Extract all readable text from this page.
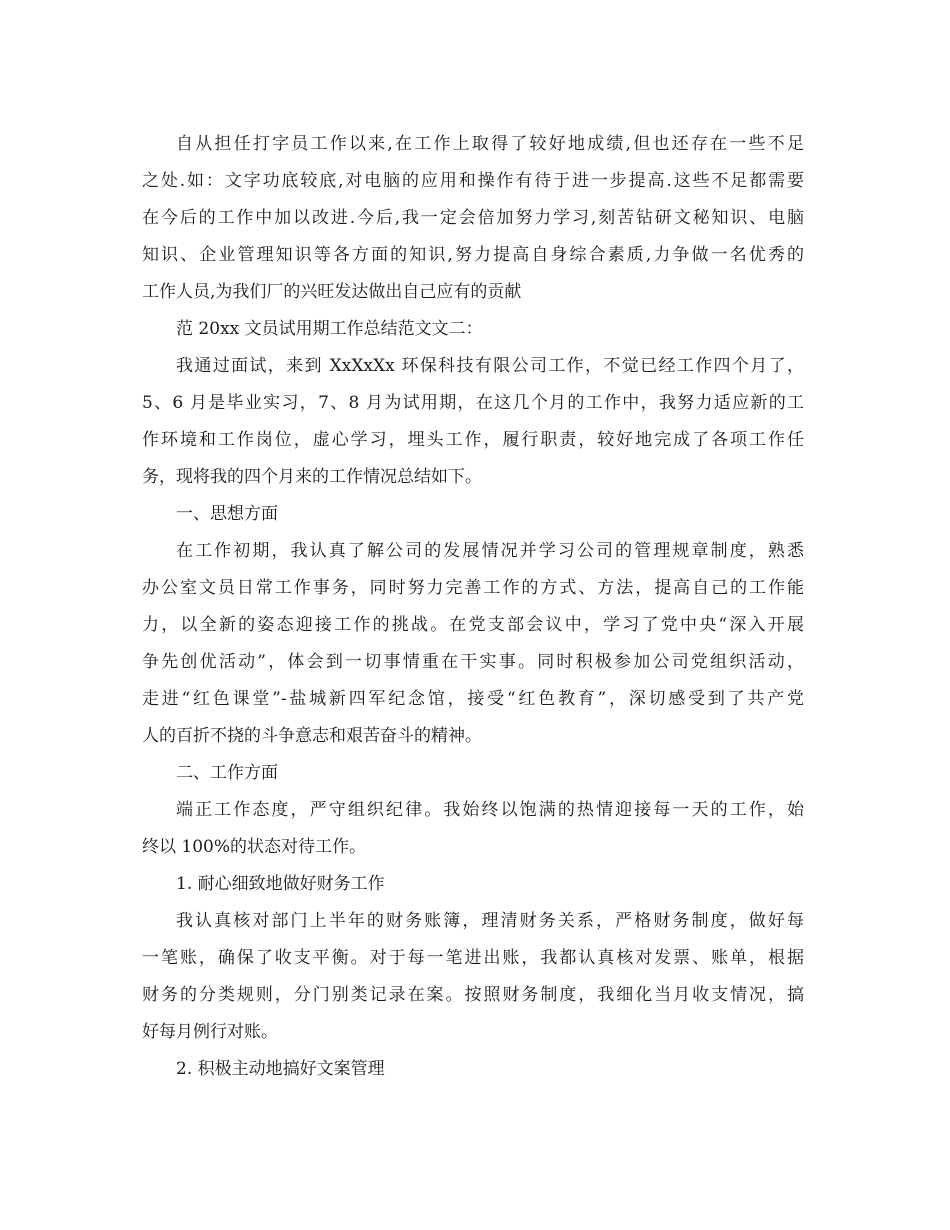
自从担任打字员工作以来,在工作上取得了较好地成绩,但也还存在一些不足
之处.如：文字功底较底,对电脑的应用和操作有待于进一步提高.这些不足都需要
在今后的工作中加以改进.今后,我一定会倍加努力学习,刻苦钻研文秘知识、电脑
知识、企业管理知识等各方面的知识,努力提高自身综合素质,力争做一名优秀的
工作人员,为我们厂的兴旺发达做出自己应有的贡献
范 20xx 文员试用期工作总结范文文二：
我通过面试，来到 XxXxXx 环保科技有限公司工作，不觉已经工作四个月了，
5、6 月是毕业实习，7、8 月为试用期，在这几个月的工作中，我努力适应新的工
作环境和工作岗位，虚心学习，埋头工作，履行职责，较好地完成了各项工作任
务，现将我的四个月来的工作情况总结如下。
一、思想方面
在工作初期，我认真了解公司的发展情况并学习公司的管理规章制度，熟悉
办公室文员日常工作事务，同时努力完善工作的方式、方法，提高自己的工作能
力，以全新的姿态迎接工作的挑战。在党支部会议中，学习了党中央“深入开展
争先创优活动”，体会到一切事情重在干实事。同时积极参加公司党组织活动，
走进“红色课堂”-盐城新四军纪念馆，接受“红色教育”，深切感受到了共产党
人的百折不挠的斗争意志和艰苦奋斗的精神。
二、工作方面
端正工作态度，严守组织纪律。我始终以饱满的热情迎接每一天的工作，始
终以 100%的状态对待工作。
1. 耐心细致地做好财务工作
我认真核对部门上半年的财务账簿，理清财务关系，严格财务制度，做好每
一笔账，确保了收支平衡。对于每一笔进出账，我都认真核对发票、账单，根据
财务的分类规则，分门别类记录在案。按照财务制度，我细化当月收支情况，搞
好每月例行对账。
2. 积极主动地搞好文案管理
